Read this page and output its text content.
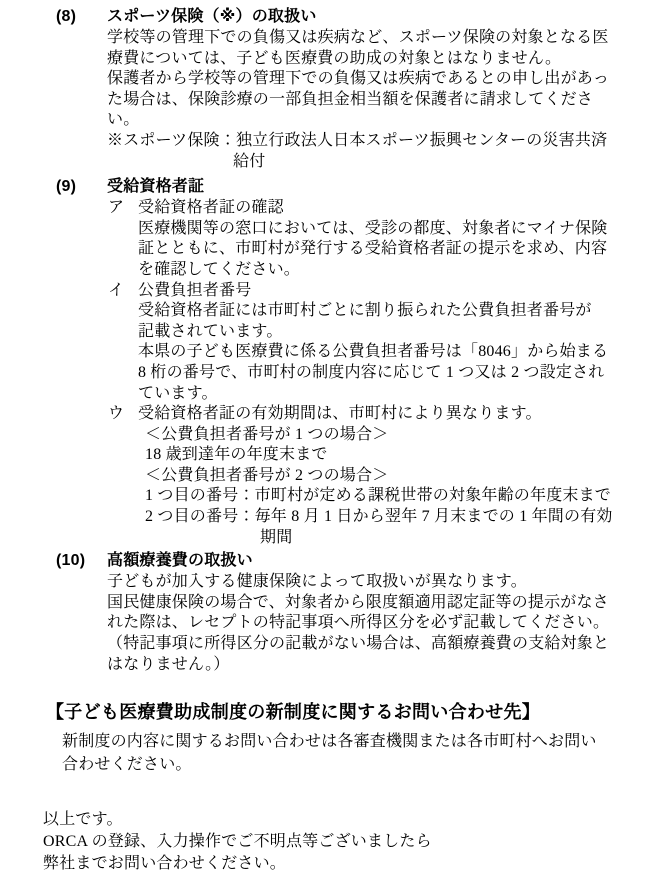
(8) スポーツ保険（※）の取扱い
学校等の管理下での負傷又は疾病など、スポーツ保険の対象となる医
療費については、子ども医療費の助成の対象とはなりません。
保護者から学校等の管理下での負傷又は疾病であるとの申し出があっ
た場合は、保険診療の一部負担金相当額を保護者に請求してくださ
い。
※スポーツ保険：独立行政法人日本スポーツ振興センターの災害共済
給付
(9) 受給資格者証
ア 受給資格者証の確認
医療機関等の窓口においては、受診の都度、対象者にマイナ保険
証とともに、市町村が発行する受給資格者証の提示を求め、内容
を確認してください。
イ 公費負担者番号
受給資格者証には市町村ごとに割り振られた公費負担者番号が
記載されています。
本県の子ども医療費に係る公費負担者番号は「8046」から始まる
8 桁の番号で、市町村の制度内容に応じて 1 つ又は 2 つ設定され
ています。
ウ 受給資格者証の有効期間は、市町村により異なります。
＜公費負担者番号が 1 つの場合＞
18 歳到達年の年度末まで
＜公費負担者番号が 2 つの場合＞
1 つ目の番号：市町村が定める課税世帯の対象年齢の年度末まで
2 つ目の番号：毎年 8 月 1 日から翌年 7 月末までの 1 年間の有効
期間
(10) 高額療養費の取扱い
子どもが加入する健康保険によって取扱いが異なります。
国民健康保険の場合で、対象者から限度額適用認定証等の提示がなさ
れた際は、レセプトの特記事項へ所得区分を必ず記載してください。
（特記事項に所得区分の記載がない場合は、高額療養費の支給対象と
はなりません。）
【子ども医療費助成制度の新制度に関するお問い合わせ先】
新制度の内容に関するお問い合わせは各審査機関または各市町村へお問い
合わせください。
以上です。
ORCA の登録、入力操作でご不明点等ございましたら
弊社までお問い合わせください。
